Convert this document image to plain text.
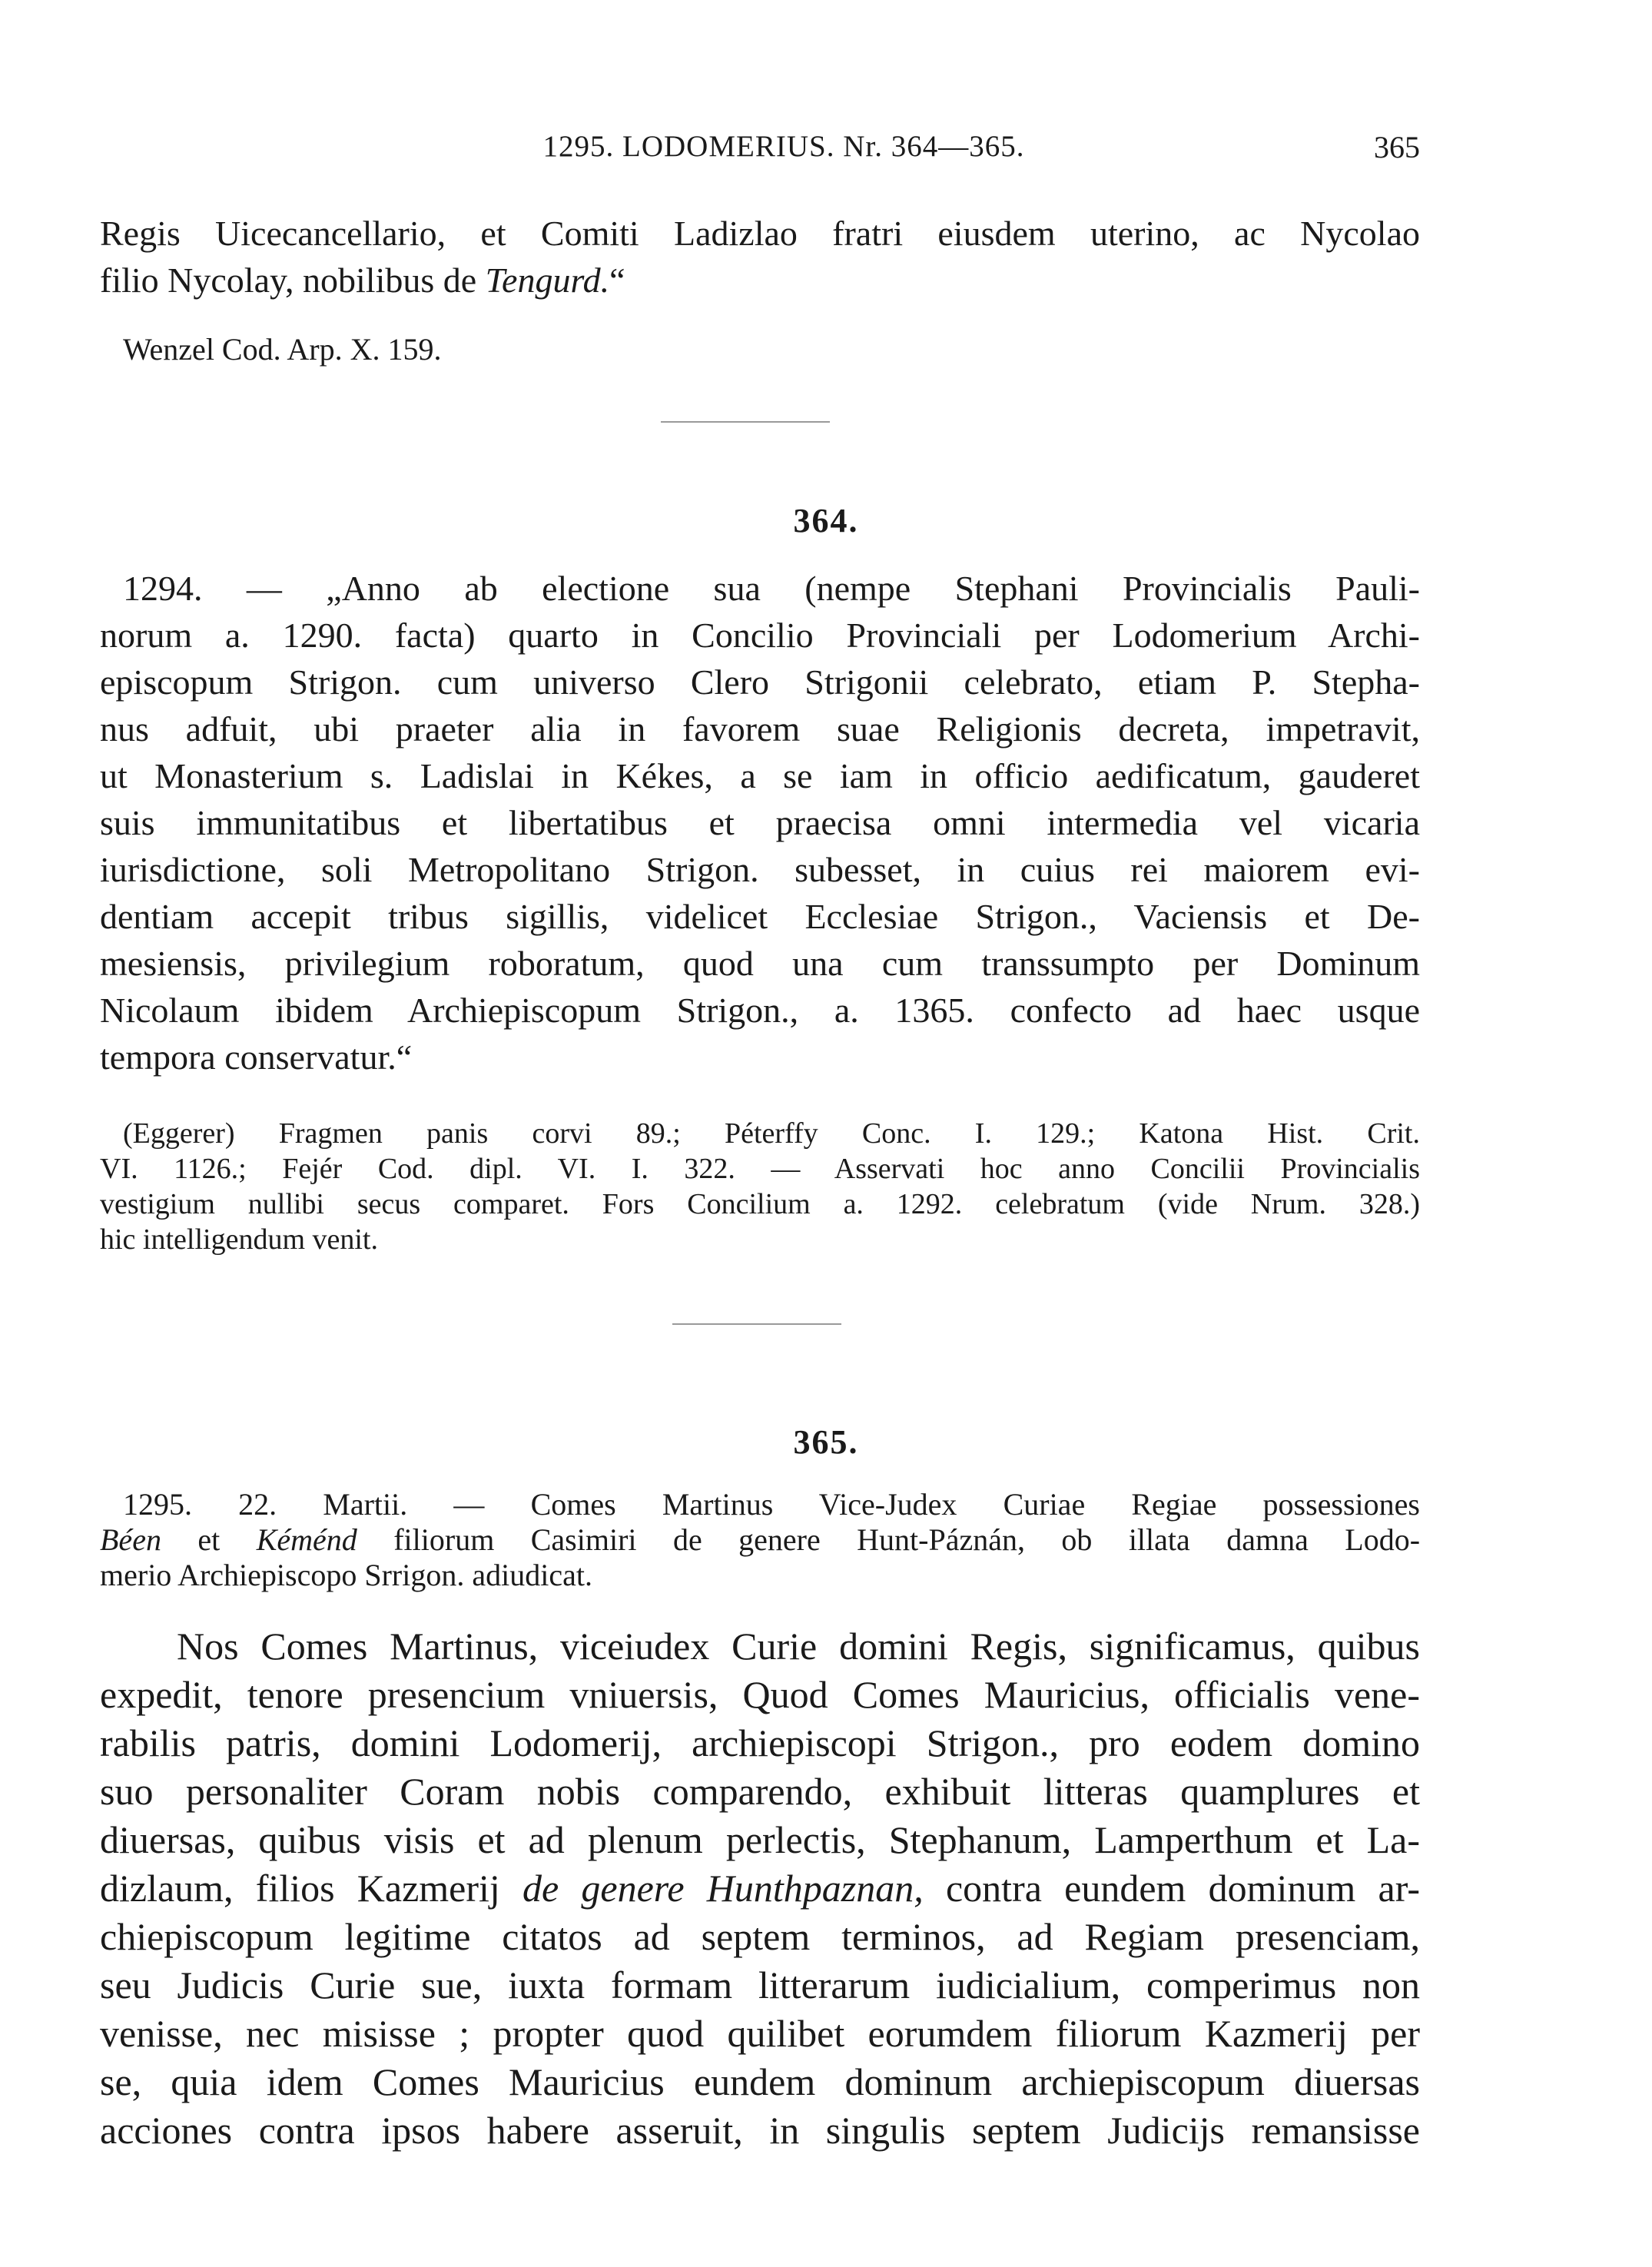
1295. LODOMERIUS. Nr. 364—365.	365
Regis Uicecancellario, et Comiti Ladizlao fratri eiusdem uterino, ac Nycolao
filio Nycolay, nobilibus de Tengurd.“
Wenzel Cod. Arp. X. 159.
364.
1294. — „Anno ab electione sua (nempe Stephani Provincialis Pauli-
norum a. 1290. facta) quarto in Concilio Provinciali per Lodomerium Archi-
episcopum Strigon. cum universo Clero Strigonii celebrato, etiam P. Stepha-
nus adfuit, ubi praeter alia in favorem suae Religionis decreta, impetravit,
ut Monasterium s. Ladislai in Kékes, a se iam in officio aedificatum, gauderet
suis immunitatibus et libertatibus et praecisa omni intermedia vel vicaria
iurisdictione, soli Metropolitano Strigon. subesset, in cuius rei maiorem evi-
dentiam accepit tribus sigillis, videlicet Ecclesiae Strigon., Vaciensis et De-
mesiensis, privilegium roboratum, quod una cum transsumpto per Dominum
Nicolaum ibidem Archiepiscopum Strigon., a. 1365. confecto ad haec usque
tempora conservatur.“
(Eggerer) Fragmen panis corvi 89.; Péterffy Conc. I. 129.; Katona Hist. Crit.
VI. 1126.; Fejér Cod. dipl. VI. I. 322. — Asservati hoc anno Concilii Provincialis
vestigium nullibi secus comparet. Fors Concilium a. 1292. celebratum (vide Nrum. 328.)
hic intelligendum venit.
365.
1295. 22. Martii. — Comes Martinus Vice-Judex Curiae Regiae possessiones
Béen et Kéménd filiorum Casimiri de genere Hunt-Páznán, ob illata damna Lodo-
merio Archiepiscopo Srrigon. adiudicat.
Nos Comes Martinus, viceiudex Curie domini Regis, significamus, quibus
expedit, tenore presencium vniuersis, Quod Comes Mauricius, officialis vene-
rabilis patris, domini Lodomerij, archiepiscopi Strigon., pro eodem domino
suo personaliter Coram nobis comparendo, exhibuit litteras quamplures et
diuersas, quibus visis et ad plenum perlectis, Stephanum, Lamperthum et La-
dizlaum, filios Kazmerij de genere Hunthpaznan, contra eundem dominum ar-
chiepiscopum legitime citatos ad septem terminos, ad Regiam presenciam,
seu Judicis Curie sue, iuxta formam litterarum iudicialium, comperimus non
venisse, nec misisse ; propter quod quilibet eorumdem filiorum Kazmerij per
se, quia idem Comes Mauricius eundem dominum archiepiscopum diuersas
acciones contra ipsos habere asseruit, in singulis septem Judicijs remansisse
